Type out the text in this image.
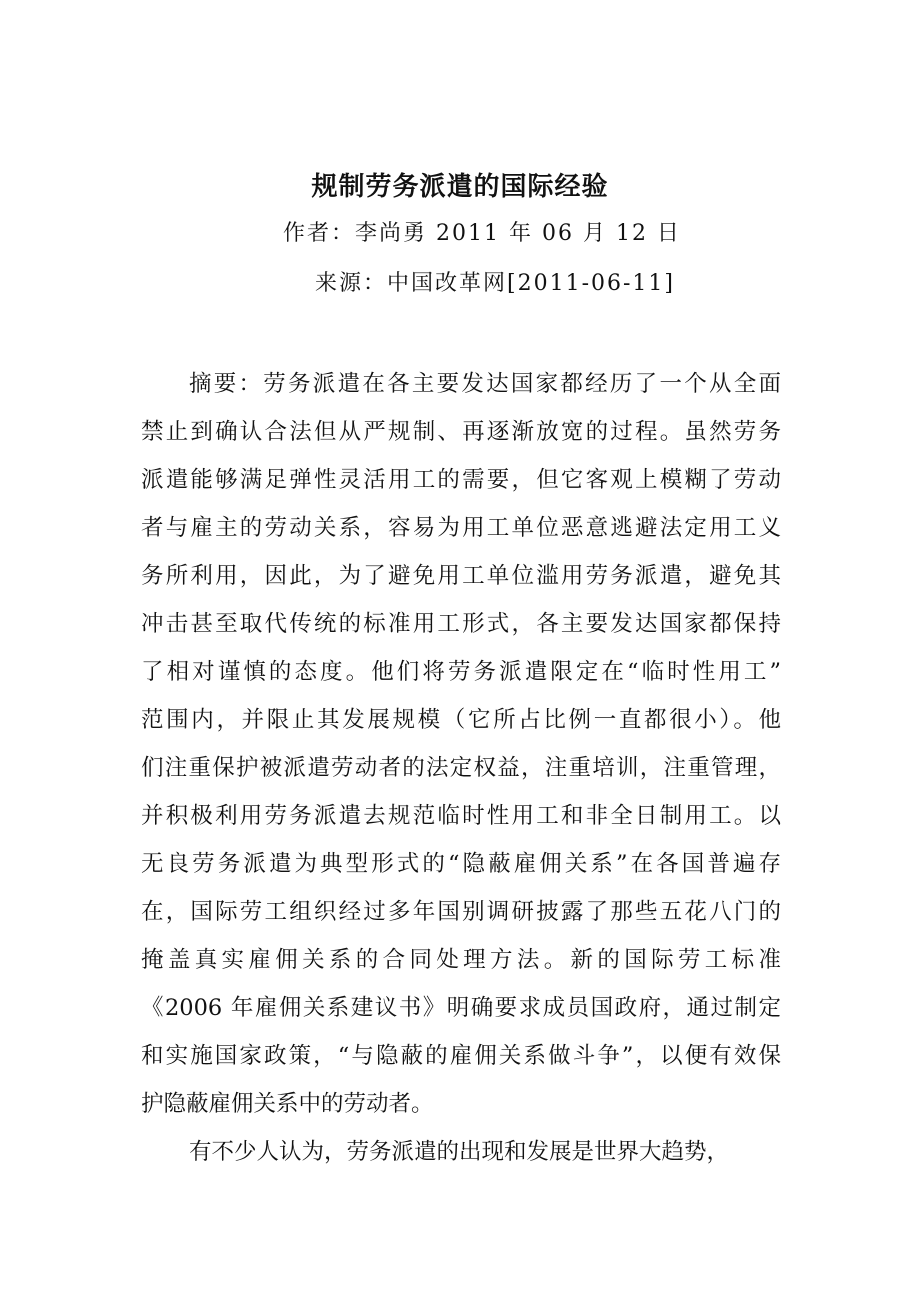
规制劳务派遣的国际经验
作者：李尚勇 2011 年 06 月 12 日
来源：中国改革网[2011-06-11]
摘要：劳务派遣在各主要发达国家都经历了一个从全面
禁止到确认合法但从严规制、再逐渐放宽的过程。虽然劳务
派遣能够满足弹性灵活用工的需要，但它客观上模糊了劳动
者与雇主的劳动关系，容易为用工单位恶意逃避法定用工义
务所利用，因此，为了避免用工单位滥用劳务派遣，避免其
冲击甚至取代传统的标准用工形式，各主要发达国家都保持
了相对谨慎的态度。他们将劳务派遣限定在“临时性用工”
范围内，并限止其发展规模（它所占比例一直都很小）。他
们注重保护被派遣劳动者的法定权益，注重培训，注重管理，
并积极利用劳务派遣去规范临时性用工和非全日制用工。以
无良劳务派遣为典型形式的“隐蔽雇佣关系”在各国普遍存
在，国际劳工组织经过多年国别调研披露了那些五花八门的
掩盖真实雇佣关系的合同处理方法。新的国际劳工标准
《2006 年雇佣关系建议书》明确要求成员国政府，通过制定
和实施国家政策，“与隐蔽的雇佣关系做斗争”，以便有效保
护隐蔽雇佣关系中的劳动者。
有不少人认为，劳务派遣的出现和发展是世界大趋势，
